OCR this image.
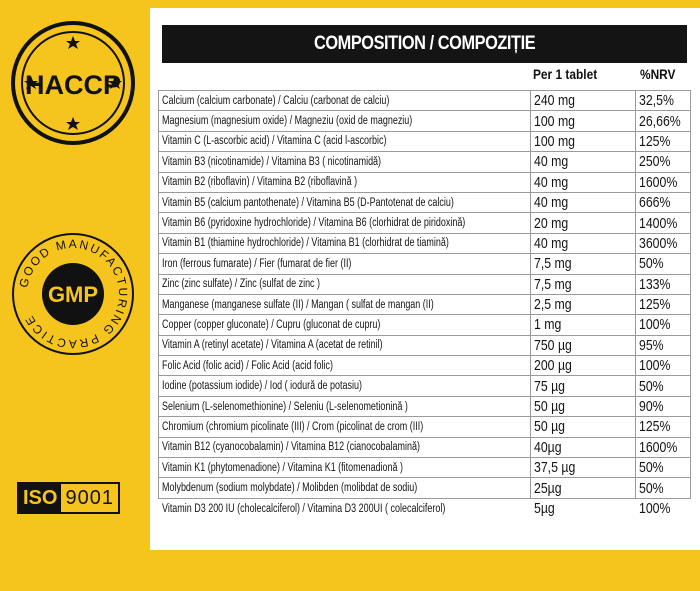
HACCP
GOOD MANUFACTURING PRACTICE
GMP
ISO 9001
COMPOSITION / COMPOZIȚIE
Per 1 tablet	%NRV
Calcium (calcium carbonate) / Calciu (carbonat de calciu)	240 mg	32,5%
Magnesium (magnesium oxide) / Magneziu (oxid de magneziu)	100 mg	26,66%
Vitamin C (L-ascorbic acid) / Vitamina C (acid l-ascorbic)	100 mg	125%
Vitamin B3 (nicotinamide) / Vitamina B3 ( nicotinamidă)	40 mg	250%
Vitamin B2 (riboflavin) / Vitamina B2 (riboflavină )	40 mg	1600%
Vitamin B5 (calcium pantothenate) / Vitamina B5 (D-Pantotenat de calciu)	40 mg	666%
Vitamin B6 (pyridoxine hydrochloride) / Vitamina B6 (clorhidrat de piridoxină)	20 mg	1400%
Vitamin B1 (thiamine hydrochloride) / Vitamina B1 (clorhidrat de tiamină)	40 mg	3600%
Iron (ferrous fumarate) / Fier (fumarat de fier (II)	7,5 mg	50%
Zinc (zinc sulfate) / Zinc (sulfat de zinc )	7,5 mg	133%
Manganese (manganese sulfate (II) / Mangan ( sulfat de mangan (II)	2,5 mg	125%
Copper (copper gluconate) / Cupru (gluconat de cupru)	1 mg	100%
Vitamin A (retinyl acetate) / Vitamina A (acetat de retinil)	750 µg	95%
Folic Acid (folic acid) / Folic Acid (acid folic)	200 µg	100%
Iodine (potassium iodide) / Iod ( iodură de potasiu)	75 µg	50%
Selenium (L-selenomethionine) / Seleniu (L-selenometionină )	50 µg	90%
Chromium (chromium picolinate (III) / Crom (picolinat de crom (III)	50 µg	125%
Vitamin B12 (cyanocobalamin) / Vitamina B12 (cianocobalamină)	40µg	1600%
Vitamin K1 (phytomenadione) / Vitamina K1 (fitomenadionă )	37,5 µg	50%
Molybdenum (sodium molybdate) / Molibden (molibdat de sodiu)	25µg	50%
Vitamin D3 200 IU (cholecalciferol) / Vitamina D3 200UI ( colecalciferol)	5µg	100%
